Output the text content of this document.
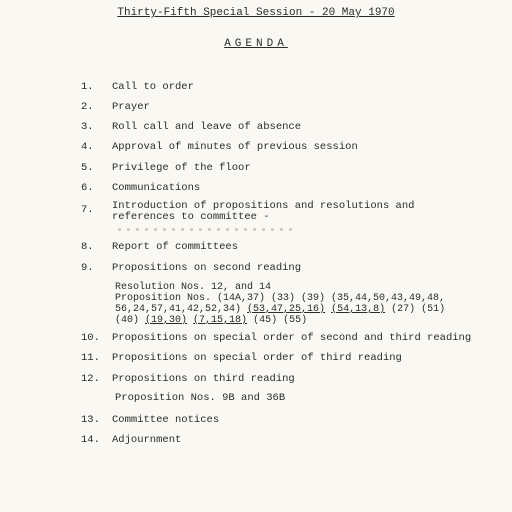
Thirty-Fifth Special Session - 20 May 1970
AGENDA
1.	Call to order
2.	Prayer
3.	Roll call and leave of absence
4.	Approval of minutes of previous session
5.	Privilege of the floor
6.	Communications
7.	Introduction of propositions and resolutions and
references to committee -
8.	Report of committees
9.	Propositions on second reading
Resolution Nos. 12, and 14
Proposition Nos. (14A,37) (33) (39) (35,44,50,43,49,48,
56,24,57,41,42,52,34) (53,47,25,16) (54,13,8) (27) (51)
(40) (19,30) (7,15,18) (45) (55)
10.	Propositions on special order of second and third reading
11.	Propositions on special order of third reading
12.	Propositions on third reading
Proposition Nos. 9B and 36B
13.	Committee notices
14.	Adjournment
